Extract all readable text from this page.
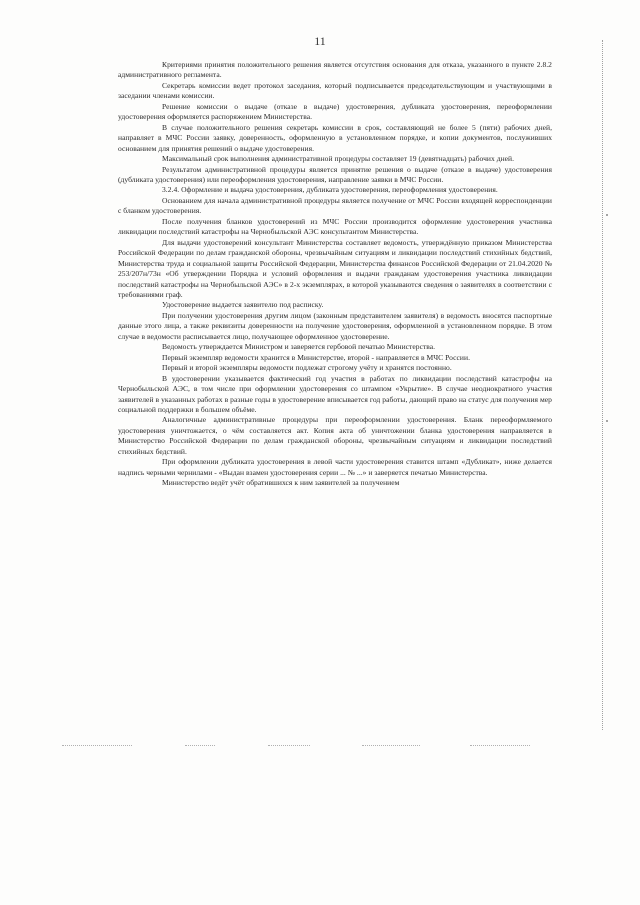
11

Критериями принятия положительного решения является отсутствия основания для отказа, указанного в пункте 2.8.2 административного регламента.

Секретарь комиссии ведет протокол заседания, который подписывается председательствующим и участвующими в заседании членами комиссии.

Решение комиссии о выдаче (отказе в выдаче) удостоверения, дубликата удостоверения, переоформлении удостоверения оформляется распоряжением Министерства.

В случае положительного решения секретарь комиссии в срок, составляющий не более 5 (пяти) рабочих дней, направляет в МЧС России заявку, доверенность, оформленную в установленном порядке, и копии документов, послуживших основанием для принятия решений о выдаче удостоверения.

Максимальный срок выполнения административной процедуры составляет 19 (девятнадцать) рабочих дней.

Результатом административной процедуры является принятие решения о выдаче (отказе в выдаче) удостоверения (дубликата удостоверения) или переоформления удостоверения, направление заявки в МЧС России.

3.2.4. Оформление и выдача удостоверения, дубликата удостоверения, переоформления удостоверения.

Основанием для начала административной процедуры является получение от МЧС России входящей корреспонденции с бланком удостоверения.

После получения бланков удостоверений из МЧС России производится оформление удостоверения участника ликвидации последствий катастрофы на Чернобыльской АЭС консультантом Министерства.

Для выдачи удостоверений консультант Министерства составляет ведомость, утверждённую приказом Министерства Российской Федерации по делам гражданской обороны, чрезвычайным ситуациям и ликвидации последствий стихийных бедствий, Министерства труда и социальной защиты Российской Федерации, Министерства финансов Российской Федерации от 21.04.2020 № 253/207н/73н «Об утверждении Порядка и условий оформления и выдачи гражданам удостоверения участника ликвидации последствий катастрофы на Чернобыльской АЭС» в 2-х экземплярах, в которой указываются сведения о заявителях в соответствии с требованиями граф.

Удостоверение выдается заявителю под расписку.

При получении удостоверения другим лицом (законным представителем заявителя) в ведомость вносятся паспортные данные этого лица, а также реквизиты доверенности на получение удостоверения, оформленной в установленном порядке. В этом случае в ведомости расписывается лицо, получающее оформленное удостоверение.

Ведомость утверждается Министром и заверяется гербовой печатью Министерства.

Первый экземпляр ведомости хранится в Министерстве, второй - направляется в МЧС России.

Первый и второй экземпляры ведомости подлежат строгому учёту и хранятся постоянно.

В удостоверении указывается фактический год участия в работах по ликвидации последствий катастрофы на Чернобыльской АЭС, в том числе при оформлении удостоверения со штампом «Укрытие». В случае неоднократного участия заявителей в указанных работах в разные годы в удостоверение вписывается год работы, дающий право на статус для получения мер социальной поддержки в большем объёме.

Аналогичные административные процедуры при переоформлении удостоверения. Бланк переоформляемого удостоверения уничтожается, о чём составляется акт. Копия акта об уничтожении бланка удостоверения направляется в Министерство Российской Федерации по делам гражданской обороны, чрезвычайным ситуациям и ликвидации последствий стихийных бедствий.

При оформлении дубликата удостоверения в левой части удостоверения ставится штамп «Дубликат», ниже делается надпись черными чернилами - «Выдан взамен удостоверения серии ... № ...» и заверяется печатью Министерства.

Министерство ведёт учёт обратившихся к ним заявителей за получением
